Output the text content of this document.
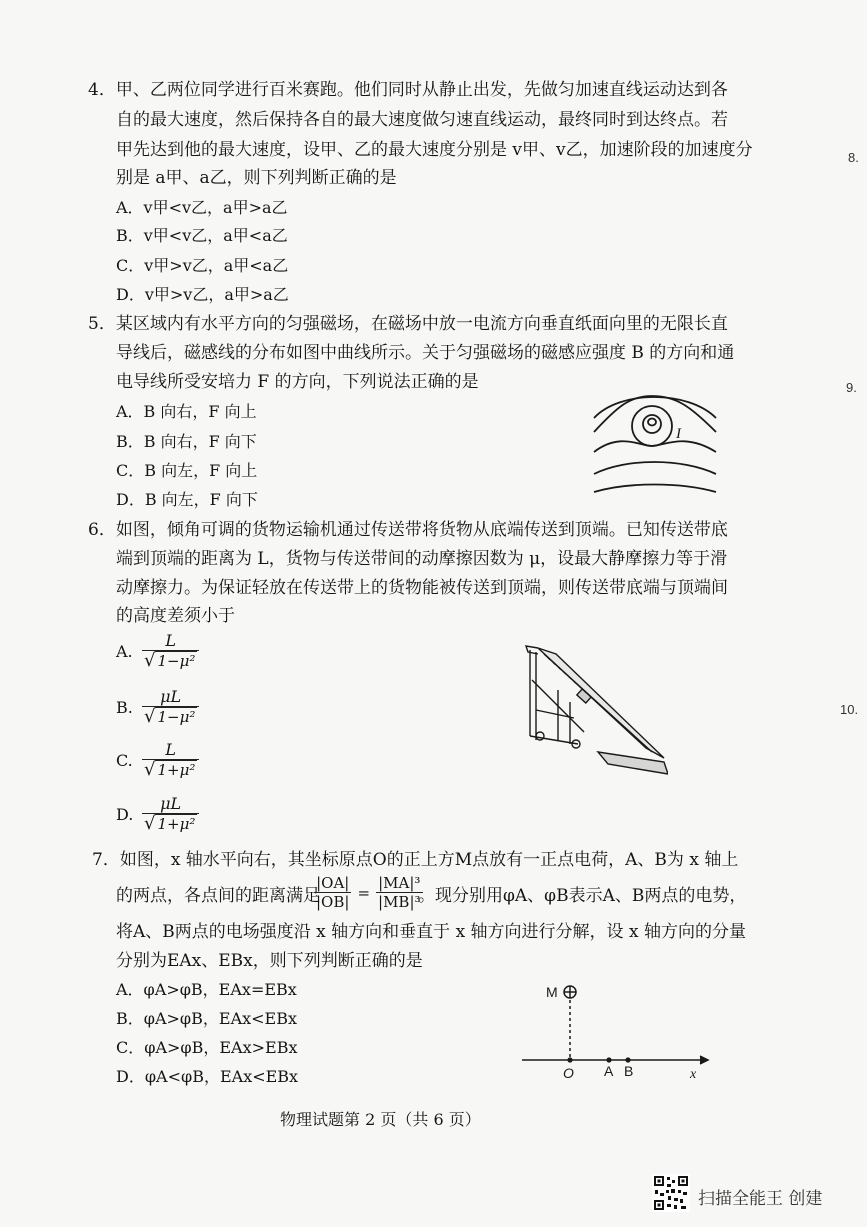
4．甲、乙两位同学进行百米赛跑。他们同时从静止出发，先做匀加速直线运动达到各
自的最大速度，然后保持各自的最大速度做匀速直线运动，最终同时到达终点。若
甲先达到他的最大速度，设甲、乙的最大速度分别是 v甲、v乙，加速阶段的加速度分
别是 a甲、a乙，则下列判断正确的是
A．v甲<v乙，a甲>a乙
B．v甲<v乙，a甲<a乙
C．v甲>v乙，a甲<a乙
D．v甲>v乙，a甲>a乙
5．某区域内有水平方向的匀强磁场，在磁场中放一电流方向垂直纸面向里的无限长直
导线后，磁感线的分布如图中曲线所示。关于匀强磁场的磁感应强度 B 的方向和通
电导线所受安培力 F 的方向，下列说法正确的是
A．B 向右，F 向上
B．B 向右，F 向下
C．B 向左，F 向上
D．B 向左，F 向下
I
6．如图，倾角可调的货物运输机通过传送带将货物从底端传送到顶端。已知传送带底
端到顶端的距离为 L，货物与传送带间的动摩擦因数为 μ，设最大静摩擦力等于滑
动摩擦力。为保证轻放在传送带上的货物能被传送到顶端，则传送带底端与顶端间
的高度差须小于
A.
L
√ 1−μ²
B.
μL
√ 1−μ²
C.
L
√ 1+μ²
D.
μL
√ 1+μ²
7．如图，x 轴水平向右，其坐标原点O的正上方M点放有一正点电荷，A、B为 x 轴上
的两点，各点间的距离满足
$\frac{|OA|}{|OB|} = \frac{\text{|MA|³}}{\text{|MB|³}}$
。现分别用φA、φB表示A、B两点的电势，
将A、B两点的电场强度沿 x 轴方向和垂直于 x 轴方向进行分解，设 x 轴方向的分量
分别为EAx、EBx，则下列判断正确的是
A．φA>φB，EAx=EBx
B．φA>φB，EAx<EBx
C．φA>φB，EAx>EBx
D．φA<φB，EAx<EBx
M
O A B	x
8.
9.
10.
物理试题第 2 页（共 6 页）
扫描全能王 创建
